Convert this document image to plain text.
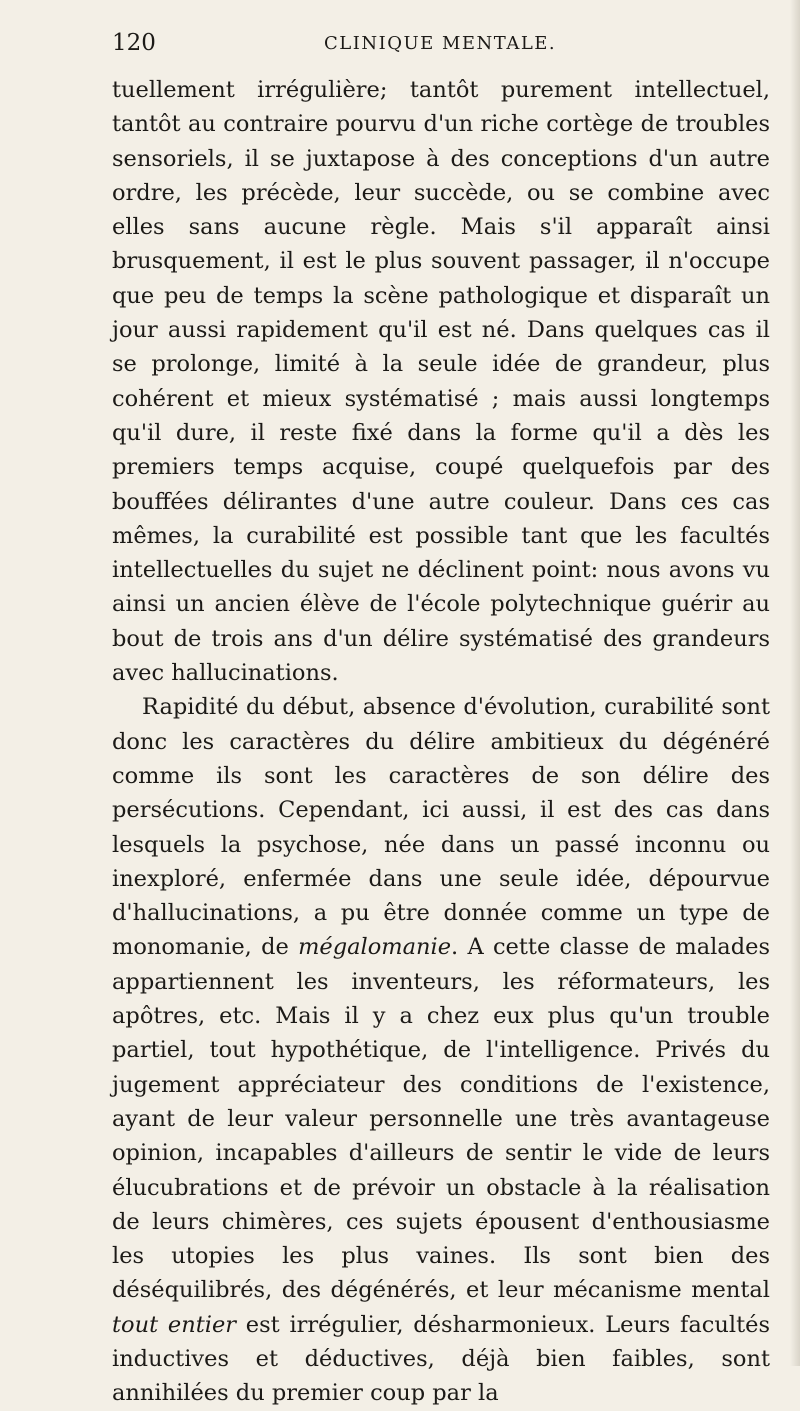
120	CLINIQUE MENTALE.

tuellement irrégulière; tantôt purement intellectuel, tantôt au contraire pourvu d'un riche cortège de troubles sensoriels, il se juxtapose à des conceptions d'un autre ordre, les précède, leur succède, ou se combine avec elles sans aucune règle. Mais s'il apparaît ainsi brusquement, il est le plus souvent passager, il n'occupe que peu de temps la scène pathologique et disparaît un jour aussi rapidement qu'il est né. Dans quelques cas il se prolonge, limité à la seule idée de grandeur, plus cohérent et mieux systématisé ; mais aussi longtemps qu'il dure, il reste fixé dans la forme qu'il a dès les premiers temps acquise, coupé quelquefois par des bouffées délirantes d'une autre couleur. Dans ces cas mêmes, la curabilité est possible tant que les facultés intellectuelles du sujet ne déclinent point: nous avons vu ainsi un ancien élève de l'école polytechnique guérir au bout de trois ans d'un délire systématisé des grandeurs avec hallucinations.

Rapidité du début, absence d'évolution, curabilité sont donc les caractères du délire ambitieux du dégénéré comme ils sont les caractères de son délire des persécutions. Cependant, ici aussi, il est des cas dans lesquels la psychose, née dans un passé inconnu ou inexploré, enfermée dans une seule idée, dépourvue d'hallucinations, a pu être donnée comme un type de monomanie, de mégalomanie. A cette classe de malades appartiennent les inventeurs, les réformateurs, les apôtres, etc. Mais il y a chez eux plus qu'un trouble partiel, tout hypothétique, de l'intelligence. Privés du jugement appréciateur des conditions de l'existence, ayant de leur valeur personnelle une très avantageuse opinion, incapables d'ailleurs de sentir le vide de leurs élucubrations et de prévoir un obstacle à la réalisation de leurs chimères, ces sujets épousent d'enthousiasme les utopies les plus vaines. Ils sont bien des déséquilibrés, des dégénérés, et leur mécanisme mental tout entier est irrégulier, désharmonieux. Leurs facultés inductives et déductives, déjà bien faibles, sont annihilées du premier coup par la
